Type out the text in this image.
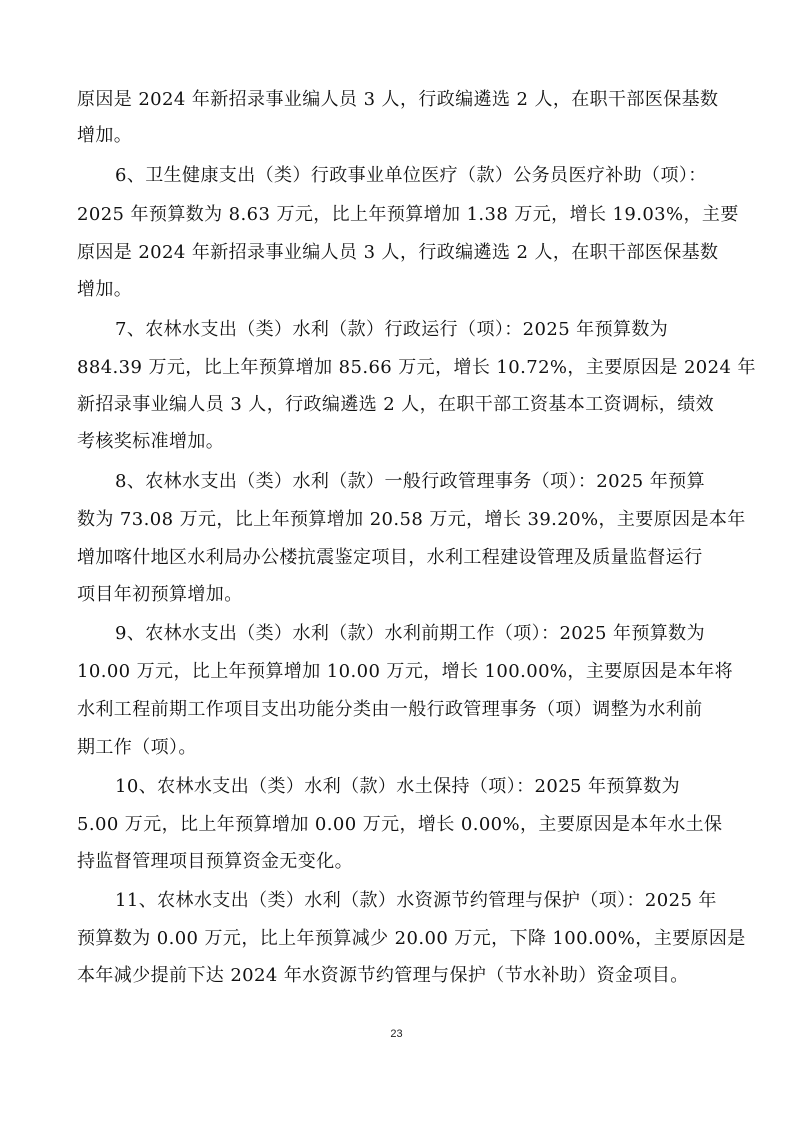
原因是 2024 年新招录事业编人员 3 人，行政编遴选 2 人，在职干部医保基数
增加。
6、卫生健康支出（类）行政事业单位医疗（款）公务员医疗补助（项）：
2025 年预算数为 8.63 万元，比上年预算增加 1.38 万元，增长 19.03%，主要
原因是 2024 年新招录事业编人员 3 人，行政编遴选 2 人，在职干部医保基数
增加。
7、农林水支出（类）水利（款）行政运行（项）：2025 年预算数为
884.39 万元，比上年预算增加 85.66 万元，增长 10.72%，主要原因是 2024 年
新招录事业编人员 3 人，行政编遴选 2 人，在职干部工资基本工资调标，绩效
考核奖标准增加。
8、农林水支出（类）水利（款）一般行政管理事务（项）：2025 年预算
数为 73.08 万元，比上年预算增加 20.58 万元，增长 39.20%，主要原因是本年
增加喀什地区水利局办公楼抗震鉴定项目，水利工程建设管理及质量监督运行
项目年初预算增加。
9、农林水支出（类）水利（款）水利前期工作（项）：2025 年预算数为
10.00 万元，比上年预算增加 10.00 万元，增长 100.00%，主要原因是本年将
水利工程前期工作项目支出功能分类由一般行政管理事务（项）调整为水利前
期工作（项）。
10、农林水支出（类）水利（款）水土保持（项）：2025 年预算数为
5.00 万元，比上年预算增加 0.00 万元，增长 0.00%，主要原因是本年水土保
持监督管理项目预算资金无变化。
11、农林水支出（类）水利（款）水资源节约管理与保护（项）：2025 年
预算数为 0.00 万元，比上年预算减少 20.00 万元，下降 100.00%，主要原因是
本年减少提前下达 2024 年水资源节约管理与保护（节水补助）资金项目。
23
